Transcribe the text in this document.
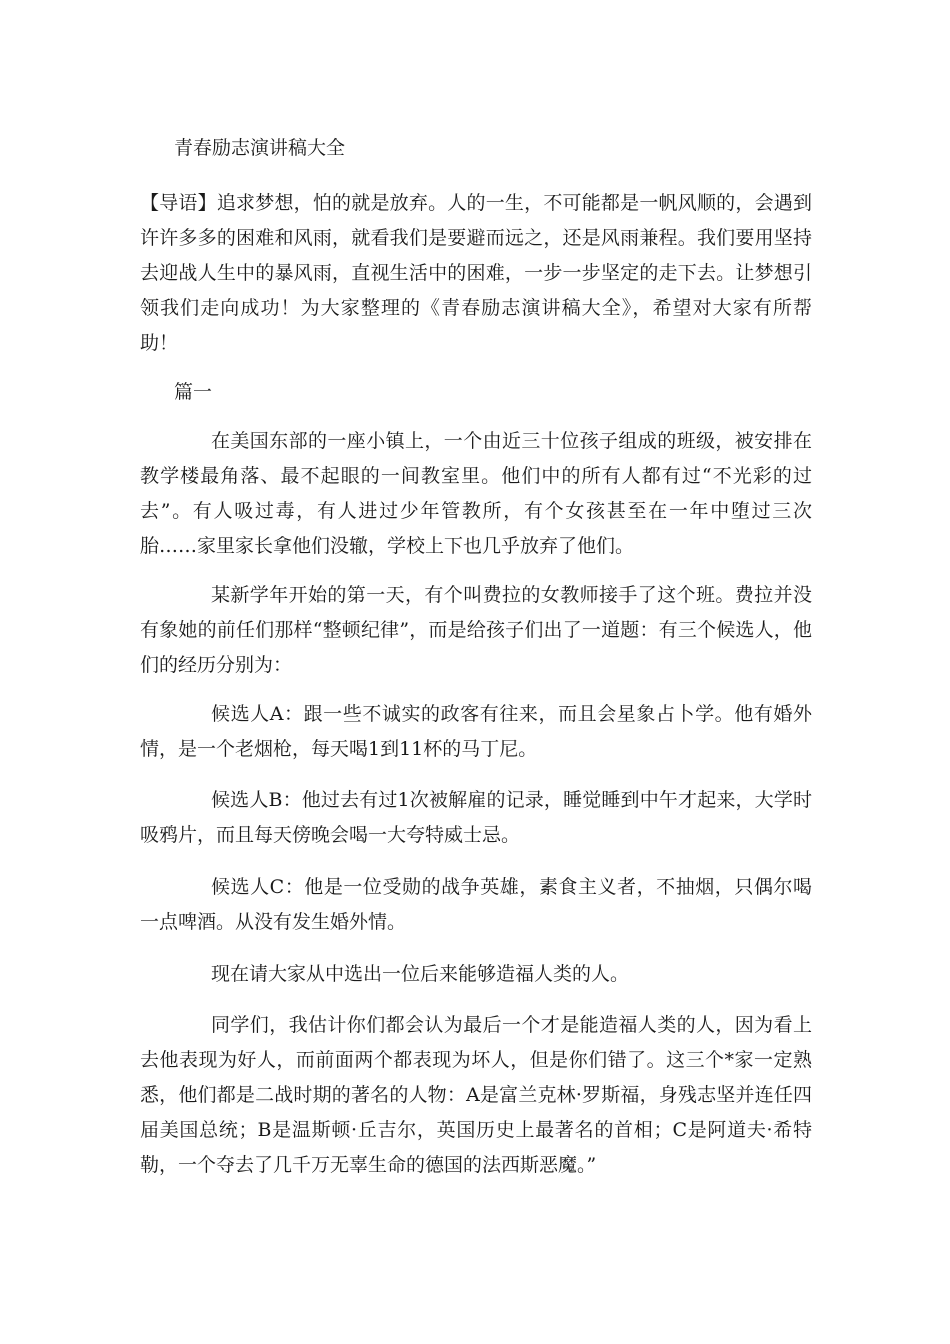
青春励志演讲稿大全

【导语】追求梦想，怕的就是放弃。人的一生，不可能都是一帆风顺的，会遇到许许多多的困难和风雨，就看我们是要避而远之，还是风雨兼程。我们要用坚持去迎战人生中的暴风雨，直视生活中的困难，一步一步坚定的走下去。让梦想引领我们走向成功！为大家整理的《青春励志演讲稿大全》，希望对大家有所帮助！

篇一

在美国东部的一座小镇上，一个由近三十位孩子组成的班级，被安排在教学楼最角落、最不起眼的一间教室里。他们中的所有人都有过“不光彩的过去”。有人吸过毒，有人进过少年管教所，有个女孩甚至在一年中堕过三次胎……家里家长拿他们没辙，学校上下也几乎放弃了他们。

某新学年开始的第一天，有个叫费拉的女教师接手了这个班。费拉并没有象她的前任们那样“整顿纪律”，而是给孩子们出了一道题：有三个候选人，他们的经历分别为：

候选人A：跟一些不诚实的政客有往来，而且会星象占卜学。他有婚外情，是一个老烟枪，每天喝1到11杯的马丁尼。

候选人B：他过去有过1次被解雇的记录，睡觉睡到中午才起来，大学时吸鸦片，而且每天傍晚会喝一大夸特威士忌。

候选人C：他是一位受勋的战争英雄，素食主义者，不抽烟，只偶尔喝一点啤酒。从没有发生婚外情。

现在请大家从中选出一位后来能够造福人类的人。

同学们，我估计你们都会认为最后一个才是能造福人类的人，因为看上去他表现为好人，而前面两个都表现为坏人，但是你们错了。这三个*家一定熟悉，他们都是二战时期的著名的人物：A是富兰克林·罗斯福，身残志坚并连任四届美国总统；B是温斯顿·丘吉尔，英国历史上最著名的首相；C是阿道夫·希特勒，一个夺去了几千万无辜生命的德国的法西斯恶魔。”
